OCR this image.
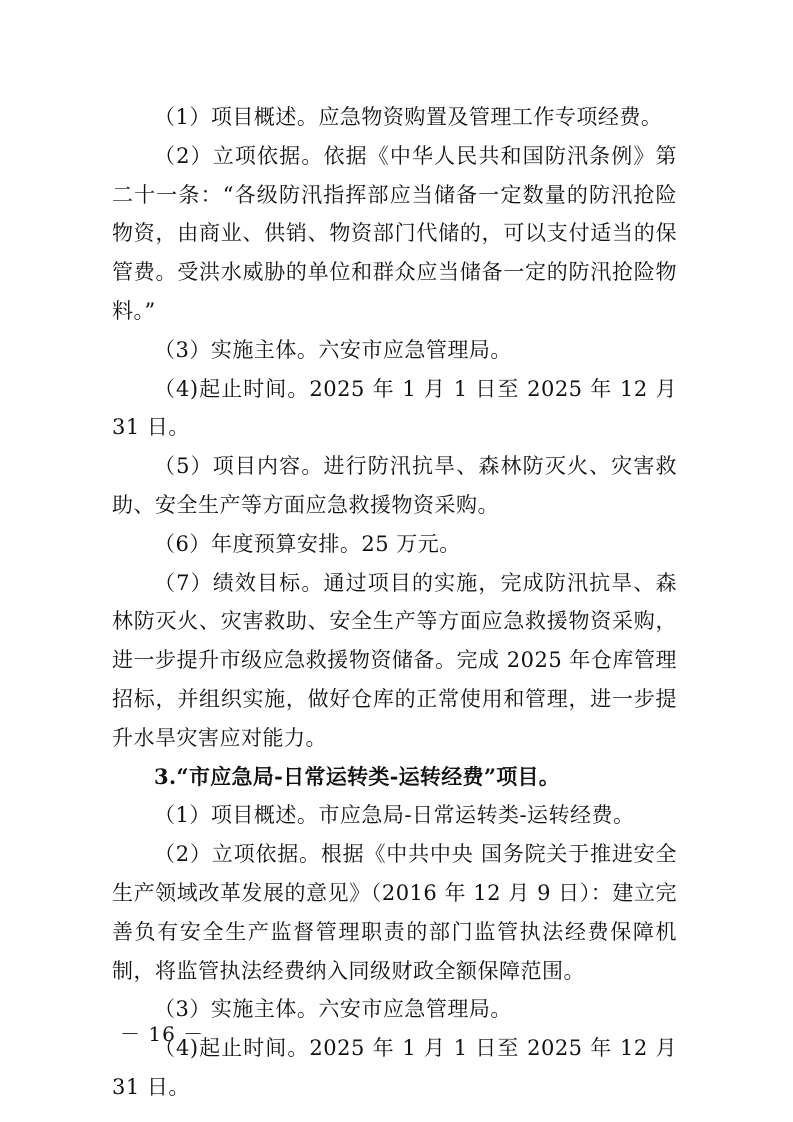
（1）项目概述。应急物资购置及管理工作专项经费。

（2）立项依据。依据《中华人民共和国防汛条例》第二十一条：“各级防汛指挥部应当储备一定数量的防汛抢险物资，由商业、供销、物资部门代储的，可以支付适当的保管费。受洪水威胁的单位和群众应当储备一定的防汛抢险物料。”

（3）实施主体。六安市应急管理局。

（4)起止时间。2025 年 1 月 1 日至 2025 年 12 月 31 日。

（5）项目内容。进行防汛抗旱、森林防灭火、灾害救助、安全生产等方面应急救援物资采购。

（6）年度预算安排。25 万元。

（7）绩效目标。通过项目的实施，完成防汛抗旱、森林防灭火、灾害救助、安全生产等方面应急救援物资采购，进一步提升市级应急救援物资储备。完成 2025 年仓库管理招标，并组织实施，做好仓库的正常使用和管理，进一步提升水旱灾害应对能力。

3.“市应急局-日常运转类-运转经费”项目。

（1）项目概述。市应急局-日常运转类-运转经费。

（2）立项依据。根据《中共中央 国务院关于推进安全生产领域改革发展的意见》（2016 年 12 月 9 日）：建立完善负有安全生产监督管理职责的部门监管执法经费保障机制，将监管执法经费纳入同级财政全额保障范围。

（3）实施主体。六安市应急管理局。

（4)起止时间。2025 年 1 月 1 日至 2025 年 12 月 31 日。

－ 16 －
